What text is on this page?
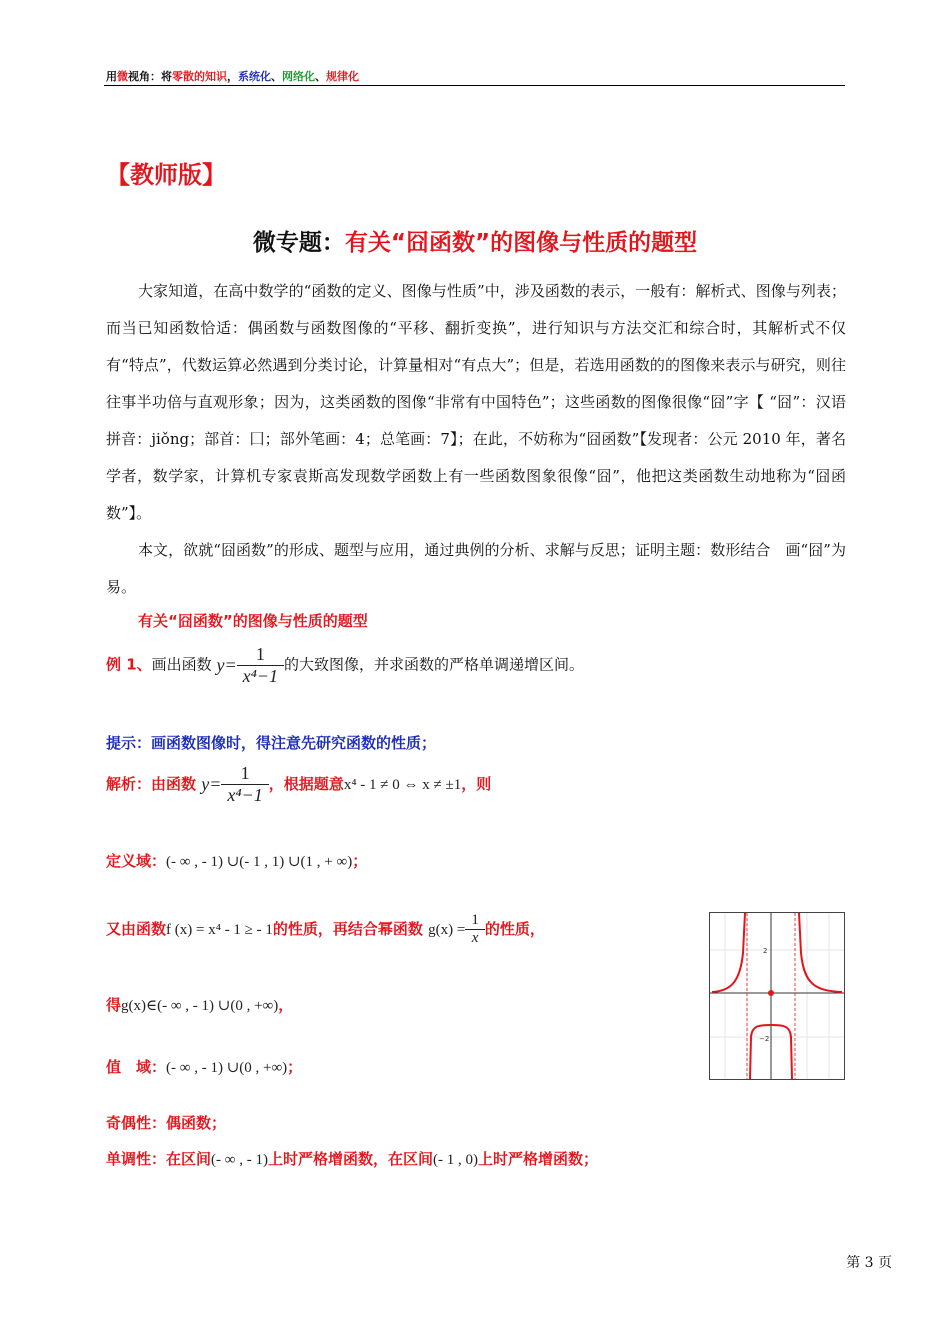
用微视角：将零散的知识，系统化、网络化、规律化
【教师版】
微专题：有关“囧函数”的图像与性质的题型
大家知道，在高中数学的“函数的定义、图像与性质”中，涉及函数的表示，一般有：解析式、图像与列表；而当已知函数恰适：偶函数与函数图像的“平移、翻折变换”，进行知识与方法交汇和综合时，其解析式不仅有“特点”，代数运算必然遇到分类讨论，计算量相对“有点大”；但是，若选用函数的的图像来表示与研究，则往往事半功倍与直观形象；因为，这类函数的图像“非常有中国特色”；这些函数的图像很像“囧”字【 “囧”：汉语拼音：jiǒng；部首：囗；部外笔画：4；总笔画：7】；在此，不妨称为“囧函数”【发现者：公元 2010 年，著名学者，数学家，计算机专家袁斯高发现数学函数上有一些函数图象很像“囧”，他把这类函数生动地称为“囧函数”】。
本文，欲就“囧函数”的形成、题型与应用，通过典例的分析、求解与反思；证明主题：数形结合　画“囧”为易。
有关“囧函数”的图像与性质的题型
例 1、画出函数 $y= \frac{1}{\text{x⁴−1}}$ 的大致图像，并求函数的严格单调递增区间。
提示：画函数图像时，得注意先研究函数的性质；
解析：由函数 $y= \frac{1}{\text{x⁴−1}}$ ，根据题意x⁴ - 1 ≠ 0 ⇔ x ≠ ±1，则
定义域：(- ∞ , - 1) ∪(- 1 , 1) ∪(1 , + ∞)；
又由函数f (x) = x⁴ - 1 ≥ - 1的性质，再结合幂函数 $g(x) = \frac{1}{x}$ 的性质，
得g(x)∈(- ∞ , - 1) ∪(0 , +∞)，
值　域：(- ∞ , - 1) ∪(0 , +∞)；
奇偶性：偶函数；
单调性：在区间(- ∞ , - 1)上时严格增函数，在区间(- 1 , 0)上时严格增函数；
2
−2
第 3 页
